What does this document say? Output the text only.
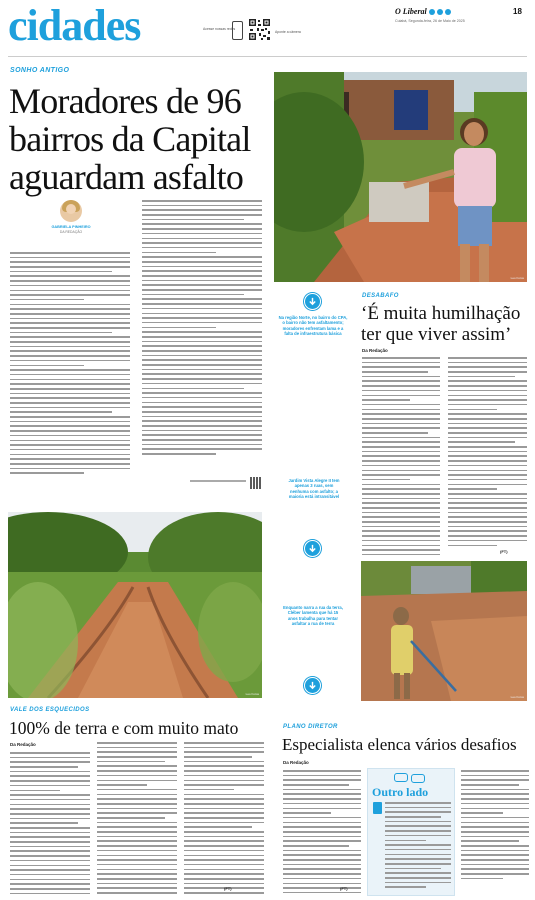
cidades	Acesse nossas redes
Aponte a câmera
O Liberal	18
Cuiabá, Segunda-feira, 26 de Maio de 2025
SONHO ANTIGO
Moradores de 96 bairros da Capital aguardam asfalto
GABRIELA PINHEIRO
DA REDAÇÃO
Leo Fotos
Na região Norte, no bairro do CPA, o bairro não tem asfaltamento; moradores enfrentam lama e a falta de infraestrutura básica
DESABAFO
‘É muita humilhação ter que viver assim’
Da Redação
(FT)
Jardim Vista Alegre II tem apenas 3 ruas, sem nenhuma com asfalto; a maioria está intransitável
Leo Fotos
Leo Fotos
Enquanto narra a rua da terra, Cléber lamenta que há 15 anos trabalha para tentar asfaltar a rua de terra
VALE DOS ESQUECIDOS
100% de terra e com muito mato
Da Redação
(FT)
PLANO DIRETOR
Especialista elenca vários desafios
Da Redação
(FT)
Outro lado
